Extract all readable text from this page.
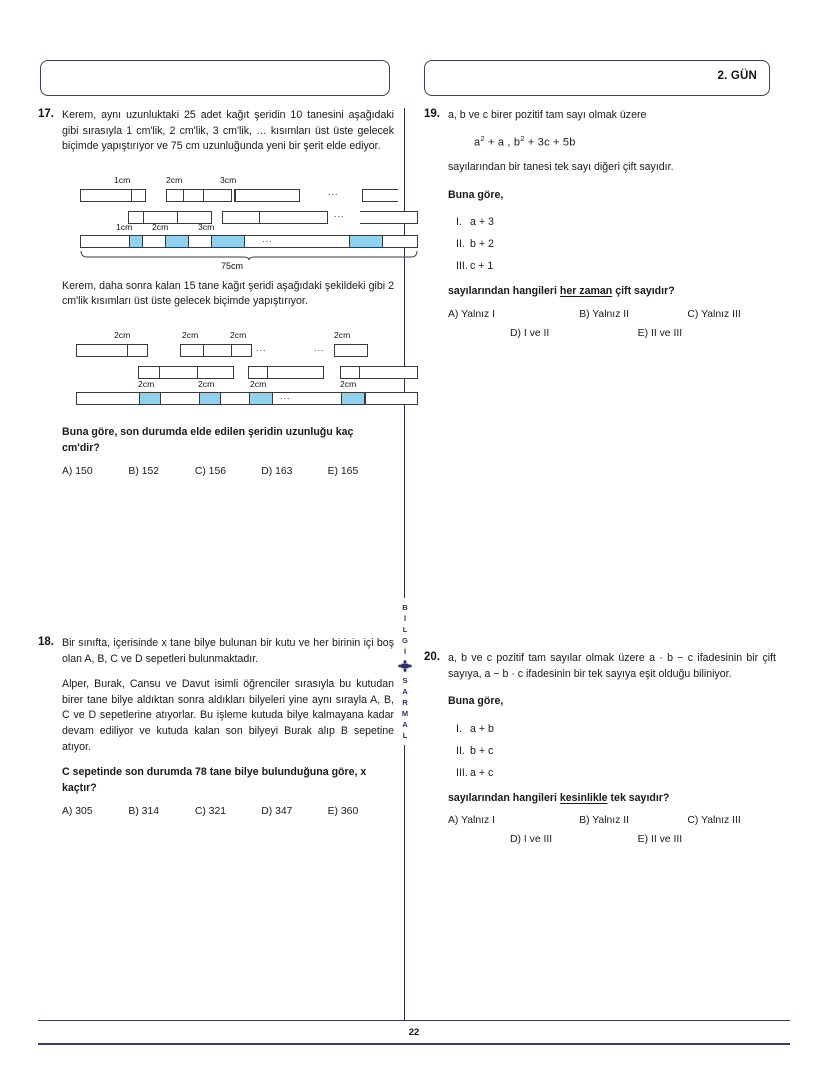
2. GÜN
B
İ
L
G
İ
S
A
R
M
A
L
17. Kerem, aynı uzunluktaki 25 adet kağıt şeridin 10 tanesini aşağıdaki gibi sırasıyla 1 cm'lik, 2 cm'lik, 3 cm'lik, … kısımları üst üste gelecek biçimde yapıştırıyor ve 75 cm uzunluğunda yeni bir şerit elde ediyor.

1cm	2cm	3cm
...
...
1cm 2cm	3cm
...
75cm

Kerem, daha sonra kalan 15 tane kağıt şeridi aşağıdaki şekildeki gibi 2 cm'lik kısımları üst üste gelecek biçimde yapıştırıyor.

2cm	2cm	2cm
...	...
2cm
2cm	2cm	2cm	2cm
...

Buna göre, son durumda elde edilen şeridin uzunluğu kaç cm'dir?

A) 150	B) 152	C) 156	D) 163	E) 165
18. Bir sınıfta, içerisinde x tane bilye bulunan bir kutu ve her birinin içi boş olan A, B, C ve D sepetleri bulunmaktadır.

Alper, Burak, Cansu ve Davut isimli öğrenciler sırasıyla bu kutudan birer tane bilye aldıktan sonra aldıkları bilyeleri yine aynı sırayla A, B, C ve D sepetlerine atıyorlar. Bu işleme kutuda bilye kalmayana kadar devam ediliyor ve kutuda kalan son bilyeyi Burak alıp B sepetine atıyor.

C sepetinde son durumda 78 tane bilye bulunduğuna göre, x kaçtır?

A) 305	B) 314	C) 321	D) 347	E) 360
19. a, b ve c birer pozitif tam sayı olmak üzere

$a^2 + a$ , $b^2 + 3c + 5b$

sayılarından bir tanesi tek sayı diğeri çift sayıdır.

Buna göre,

I. a + 3
II. b + 2
III. c + 1

sayılarından hangileri her zaman çift sayıdır?

A) Yalnız I	B) Yalnız II	C) Yalnız III
D) I ve II	E) II ve III
20. a, b ve c pozitif tam sayılar olmak üzere a · b − c ifadesinin bir çift sayıya, a − b · c ifadesinin bir tek sayıya eşit olduğu biliniyor.

Buna göre,

I. a + b
II. b + c
III. a + c

sayılarından hangileri kesinlikle tek sayıdır?

A) Yalnız I	B) Yalnız II	C) Yalnız III
D) I ve III	E) II ve III
22
